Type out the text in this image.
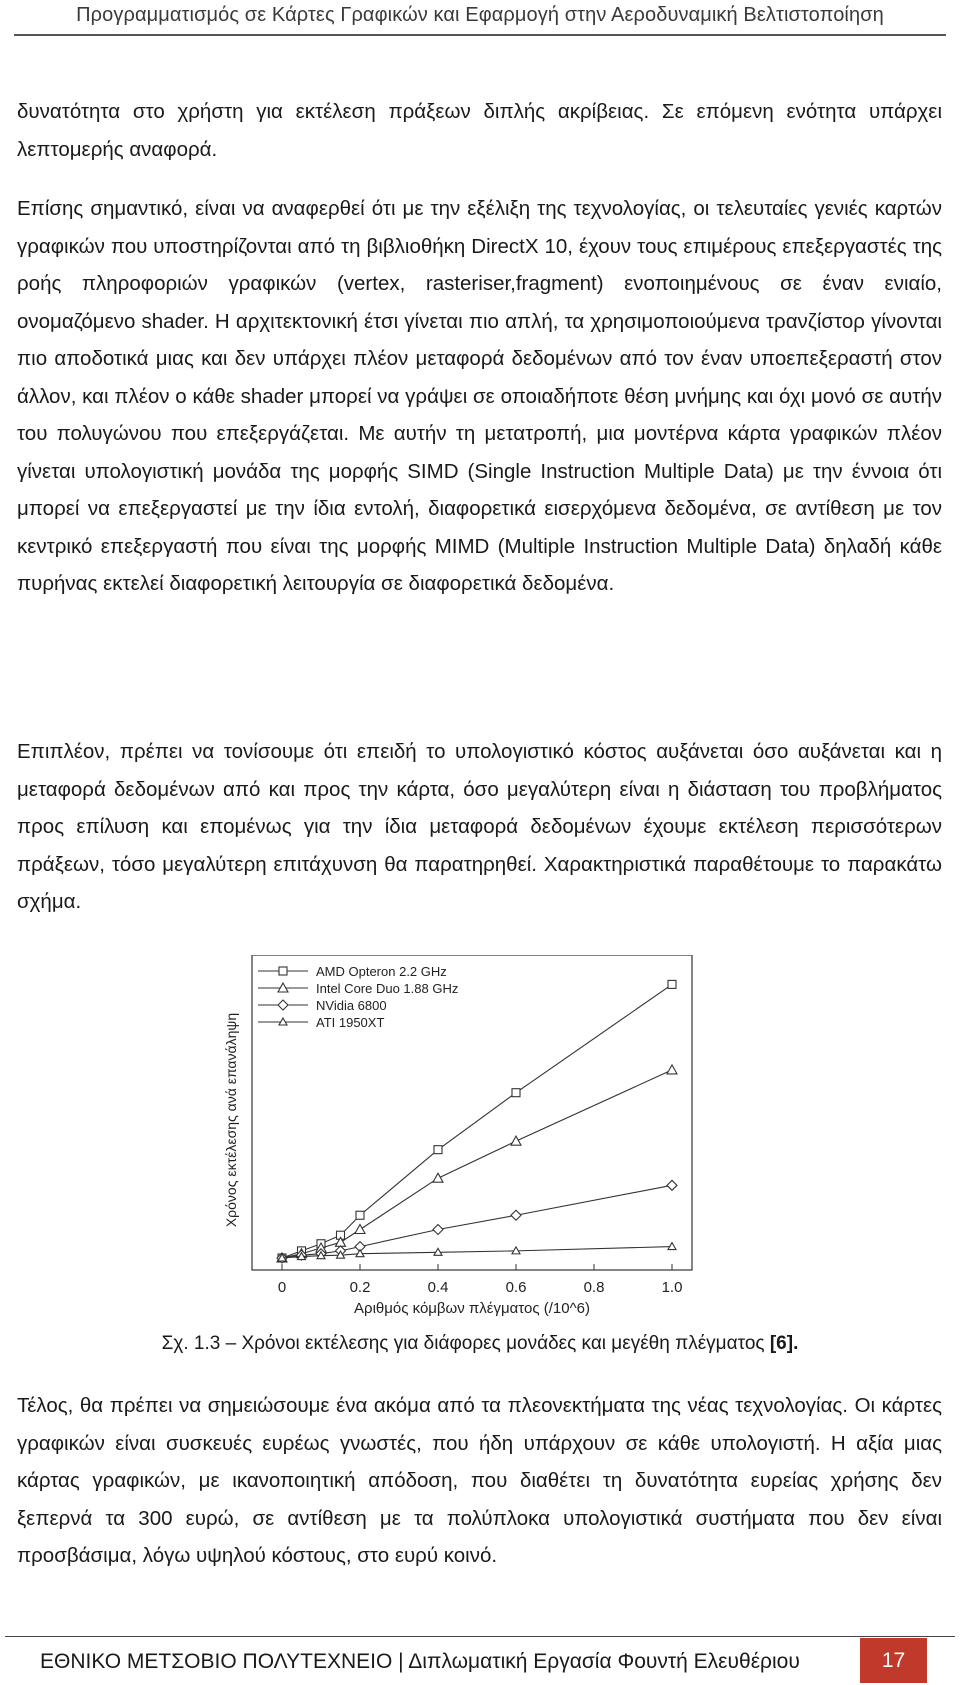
Προγραμματισμός σε Κάρτες Γραφικών και Εφαρμογή στην Αεροδυναμική Βελτιστοποίηση

δυνατότητα στο χρήστη για εκτέλεση πράξεων διπλής ακρίβειας. Σε επόμενη ενότητα υπάρχει λεπτομερής αναφορά.

Επίσης σημαντικό, είναι να αναφερθεί ότι με την εξέλιξη της τεχνολογίας, οι τελευταίες γενιές καρτών γραφικών που υποστηρίζονται από τη βιβλιοθήκη DirectX 10, έχουν τους επιμέρους επεξεργαστές της ροής πληροφοριών γραφικών (vertex, rasteriser,fragment) ενοποιημένους σε έναν ενιαίο, ονομαζόμενο shader. Η αρχιτεκτονική έτσι γίνεται πιο απλή, τα χρησιμοποιούμενα τρανζίστορ γίνονται πιο αποδοτικά μιας και δεν υπάρχει πλέον μεταφορά δεδομένων από τον έναν υποεπεξεραστή στον άλλον, και πλέον ο κάθε shader μπορεί να γράψει σε οποιαδήποτε θέση μνήμης και όχι μονό σε αυτήν του πολυγώνου που επεξεργάζεται. Με αυτήν τη μετατροπή, μια μοντέρνα κάρτα γραφικών πλέον γίνεται υπολογιστική μονάδα της μορφής SIMD (Single Instruction Multiple Data) με την έννοια ότι μπορεί να επεξεργαστεί με την ίδια εντολή, διαφορετικά εισερχόμενα δεδομένα, σε αντίθεση με τον κεντρικό επεξεργαστή που είναι της μορφής MIMD (Multiple Instruction Multiple Data) δηλαδή κάθε πυρήνας εκτελεί διαφορετική λειτουργία σε διαφορετικά δεδομένα.

Επιπλέον, πρέπει να τονίσουμε ότι επειδή το υπολογιστικό κόστος αυξάνεται όσο αυξάνεται και η μεταφορά δεδομένων από και προς την κάρτα, όσο μεγαλύτερη είναι η διάσταση του προβλήματος προς επίλυση και επομένως για την ίδια μεταφορά δεδομένων έχουμε εκτέλεση περισσότερων πράξεων, τόσο μεγαλύτερη επιτάχυνση θα παρατηρηθεί. Χαρακτηριστικά παραθέτουμε το παρακάτω σχήμα.

0	0.2	0.4	0.6	0.8	1.0
AMD Opteron 2.2 GHz
Intel Core Duo 1.88 GHz
NVidia 6800
ATI 1950XT
Αριθμός κόμβων πλέγματος (/10^6)
Χρόνος εκτέλεσης ανά επανάληψη
Σχ. 1.3 – Χρόνοι εκτέλεσης για διάφορες μονάδες και μεγέθη πλέγματος [6].

Τέλος, θα πρέπει να σημειώσουμε ένα ακόμα από τα πλεονεκτήματα της νέας τεχνολογίας. Οι κάρτες γραφικών είναι συσκευές ευρέως γνωστές, που ήδη υπάρχουν σε κάθε υπολογιστή. Η αξία μιας κάρτας γραφικών, με ικανοποιητική απόδοση, που διαθέτει τη δυνατότητα ευρείας χρήσης δεν ξεπερνά τα 300 ευρώ, σε αντίθεση με τα πολύπλοκα υπολογιστικά συστήματα που δεν είναι προσβάσιμα, λόγω υψηλού κόστους, στο ευρύ κοινό.

ΕΘΝΙΚΟ ΜΕΤΣΟΒΙΟ ΠΟΛΥΤΕΧΝΕΙΟ | Διπλωματική Εργασία Φουντή Ελευθέριου	17
